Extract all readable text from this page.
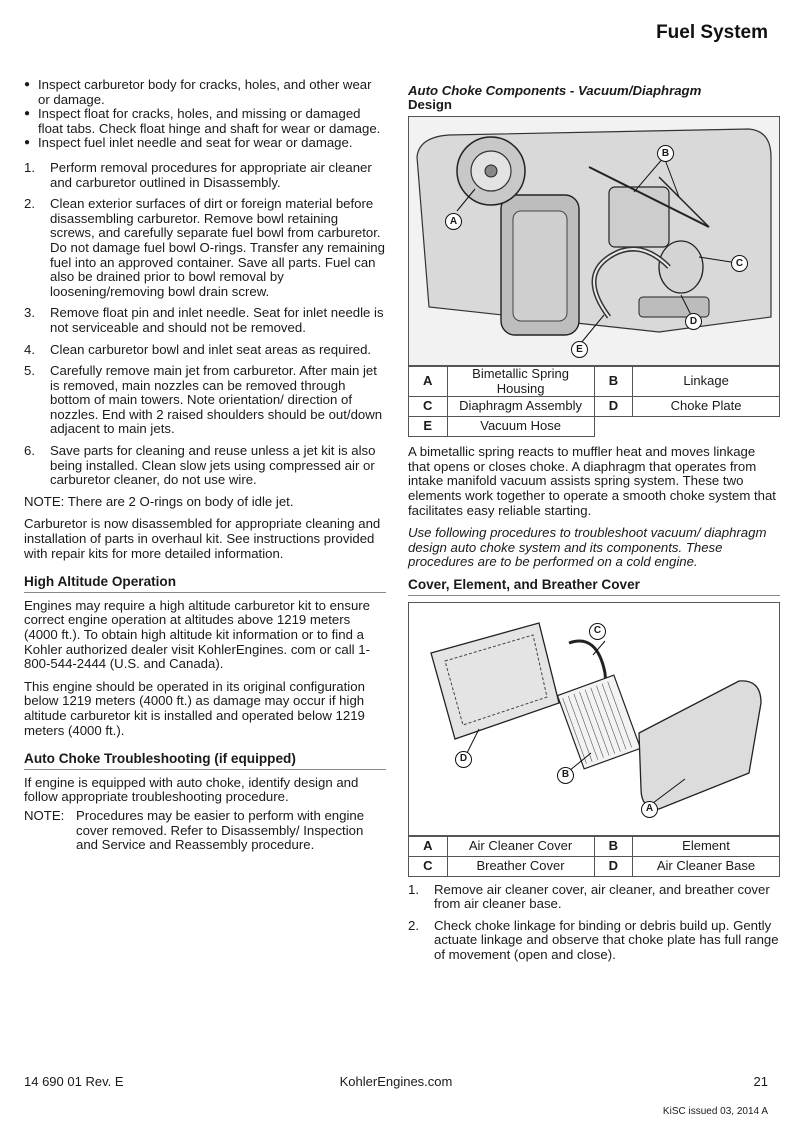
Fuel System
● Inspect carburetor body for cracks, holes, and other wear or damage.
● Inspect float for cracks, holes, and missing or damaged float tabs. Check float hinge and shaft for wear or damage.
● Inspect fuel inlet needle and seat for wear or damage.
1.	Perform removal procedures for appropriate air cleaner and carburetor outlined in Disassembly.
2.	Clean exterior surfaces of dirt or foreign material before disassembling carburetor. Remove bowl retaining screws, and carefully separate fuel bowl from carburetor. Do not damage fuel bowl O-rings. Transfer any remaining fuel into an approved container. Save all parts. Fuel can also be drained prior to bowl removal by loosening/removing bowl drain screw.
3.	Remove float pin and inlet needle. Seat for inlet needle is not serviceable and should not be removed.
4.	Clean carburetor bowl and inlet seat areas as required.
5.	Carefully remove main jet from carburetor. After main jet is removed, main nozzles can be removed through bottom of main towers. Note orientation/ direction of nozzles. End with 2 raised shoulders should be out/down adjacent to main jets.
6.	Save parts for cleaning and reuse unless a jet kit is also being installed. Clean slow jets using compressed air or carburetor cleaner, do not use wire.

NOTE: There are 2 O-rings on body of idle jet.

Carburetor is now disassembled for appropriate cleaning and installation of parts in overhaul kit. See instructions provided with repair kits for more detailed information.

High Altitude Operation

Engines may require a high altitude carburetor kit to ensure correct engine operation at altitudes above 1219 meters (4000 ft.). To obtain high altitude kit information or to find a Kohler authorized dealer visit KohlerEngines. com or call 1-800-544-2444 (U.S. and Canada).

This engine should be operated in its original configuration below 1219 meters (4000 ft.) as damage may occur if high altitude carburetor kit is installed and operated below 1219 meters (4000 ft.).

Auto Choke Troubleshooting (if equipped)

If engine is equipped with auto choke, identify design and follow appropriate troubleshooting procedure.

NOTE: Procedures may be easier to perform with engine cover removed. Refer to Disassembly/ Inspection and Service and Reassembly procedure.
Auto Choke Components - Vacuum/Diaphragm
Design
A
B
C
D
E
A	Bimetallic Spring Housing	B	Linkage
C	Diaphragm Assembly	D	Choke Plate
E	Vacuum Hose		

A bimetallic spring reacts to muffler heat and moves linkage that opens or closes choke. A diaphragm that operates from intake manifold vacuum assists spring system. These two elements work together to operate a smooth choke system that facilitates easy reliable starting.

Use following procedures to troubleshoot vacuum/ diaphragm design auto choke system and its components. These procedures are to be performed on a cold engine.

Cover, Element, and Breather Cover
D
B
C
A
A	Air Cleaner Cover	B	Element
C	Breather Cover	D	Air Cleaner Base
1.	Remove air cleaner cover, air cleaner, and breather cover from air cleaner base.
2.	Check choke linkage for binding or debris build up. Gently actuate linkage and observe that choke plate has full range of movement (open and close).
14 690 01 Rev. E	KohlerEngines.com	21
KiSC issued 03, 2014 A
